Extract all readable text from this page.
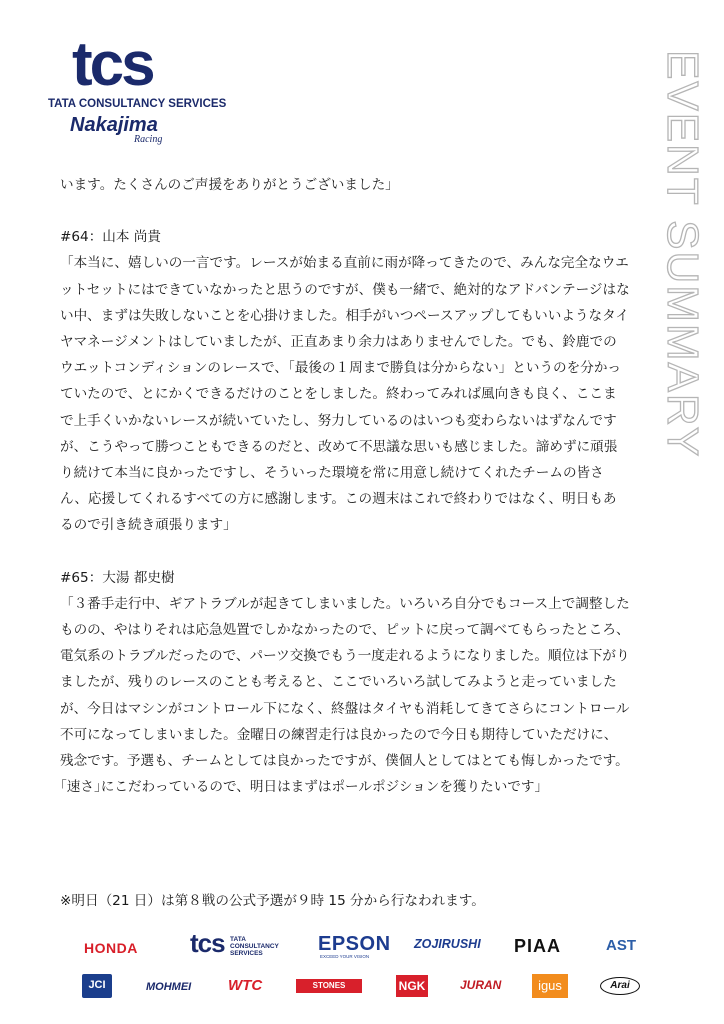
tcs
TATA CONSULTANCY SERVICES
Nakajima
Racing	EVENT SUMMARY

います。たくさんのご声援をありがとうございました」

#64：山本 尚貴

「本当に、嬉しいの一言です。レースが始まる直前に雨が降ってきたので、みんな完全なウエットセットにはできていなかったと思うのですが、僕も一緒で、絶対的なアドバンテージはない中、まずは失敗しないことを心掛けました。相手がいつペースアップしてもいいようなタイヤマネージメントはしていましたが、正直あまり余力はありませんでした。でも、鈴鹿でのウエットコンディションのレースで、「最後の１周まで勝負は分からない」というのを分かっていたので、とにかくできるだけのことをしました。終わってみれば風向きも良く、ここまで上手くいかないレースが続いていたし、努力しているのはいつも変わらないはずなんですが、こうやって勝つこともできるのだと、改めて不思議な思いも感じました。諦めずに頑張り続けて本当に良かったですし、そういった環境を常に用意し続けてくれたチームの皆さん、応援してくれるすべての方に感謝します。この週末はこれで終わりではなく、明日もあるので引き続き頑張ります」

#65：大湯 都史樹

「３番手走行中、ギアトラブルが起きてしまいました。いろいろ自分でもコース上で調整したものの、やはりそれは応急処置でしかなかったので、ピットに戻って調べてもらったところ、電気系のトラブルだったので、パーツ交換でもう一度走れるようになりました。順位は下がりましたが、残りのレースのことも考えると、ここでいろいろ試してみようと走っていましたが、今日はマシンがコントロール下になく、終盤はタイヤも消耗してきてさらにコントロール不可になってしまいました。金曜日の練習走行は良かったので今日も期待していただけに、残念です。予選も、チームとしては良かったですが、僕個人としてはとても悔しかったです。｢速さ｣にこだわっているので、明日はまずはポールポジションを獲りたいです」

※明日（21 日）は第８戦の公式予選が９時 15 分から行なわれます。
HONDA tcs TATA CONSULTANCY SERVICES	EPSON
EXCEED YOUR VISION
ZOJIRUSHI PIAA	AST
JCI	MOHMEI WTC	STONES	NGK	JURAN	igus	Arai
